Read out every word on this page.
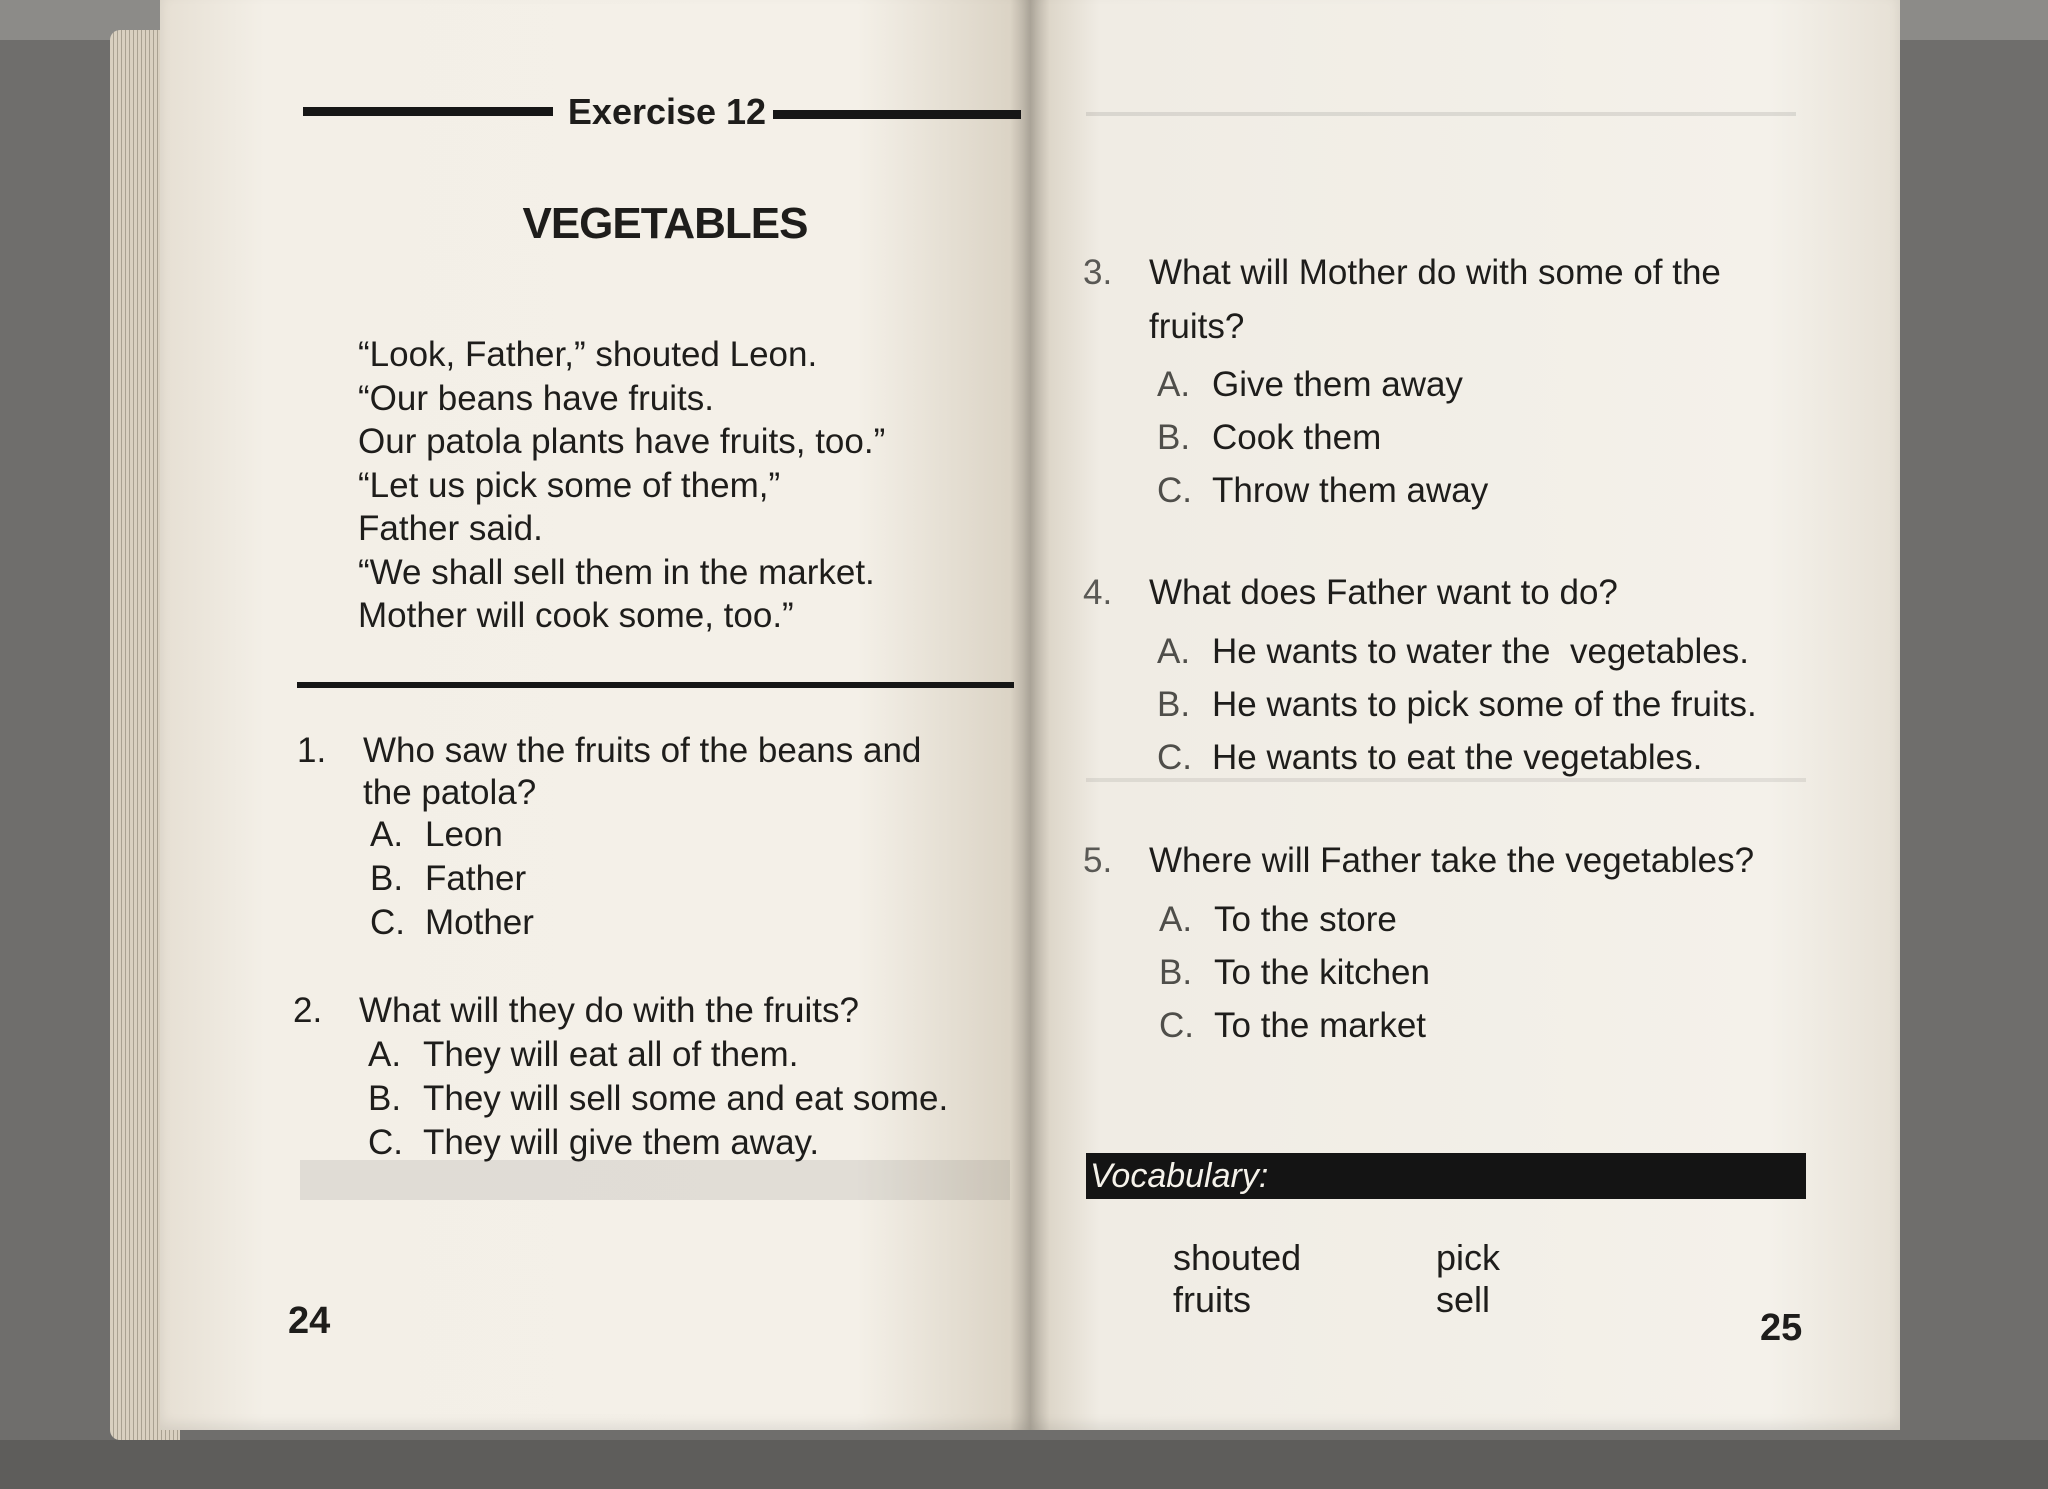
Exercise 12
VEGETABLES
“Look, Father,” shouted Leon.
“Our beans have fruits.
Our patola plants have fruits, too.”
“Let us pick some of them,”
Father said.
“We shall sell them in the market.
Mother will cook some, too.”
1. Who saw the fruits of the beans and
the patola?
A. Leon
B. Father
C. Mother
2. What will they do with the fruits?
A. They will eat all of them.
B. They will sell some and eat some.
C. They will give them away.
24
3. What will Mother do with some of the
fruits?
A. Give them away
B. Cook them
C. Throw them away
4. What does Father want to do?
A. He wants to water the  vegetables.
B. He wants to pick some of the fruits.
C. He wants to eat the vegetables.
5. Where will Father take the vegetables?
A. To the store
B. To the kitchen
C. To the market
Vocabulary:
shouted	pick
fruits	sell
25
